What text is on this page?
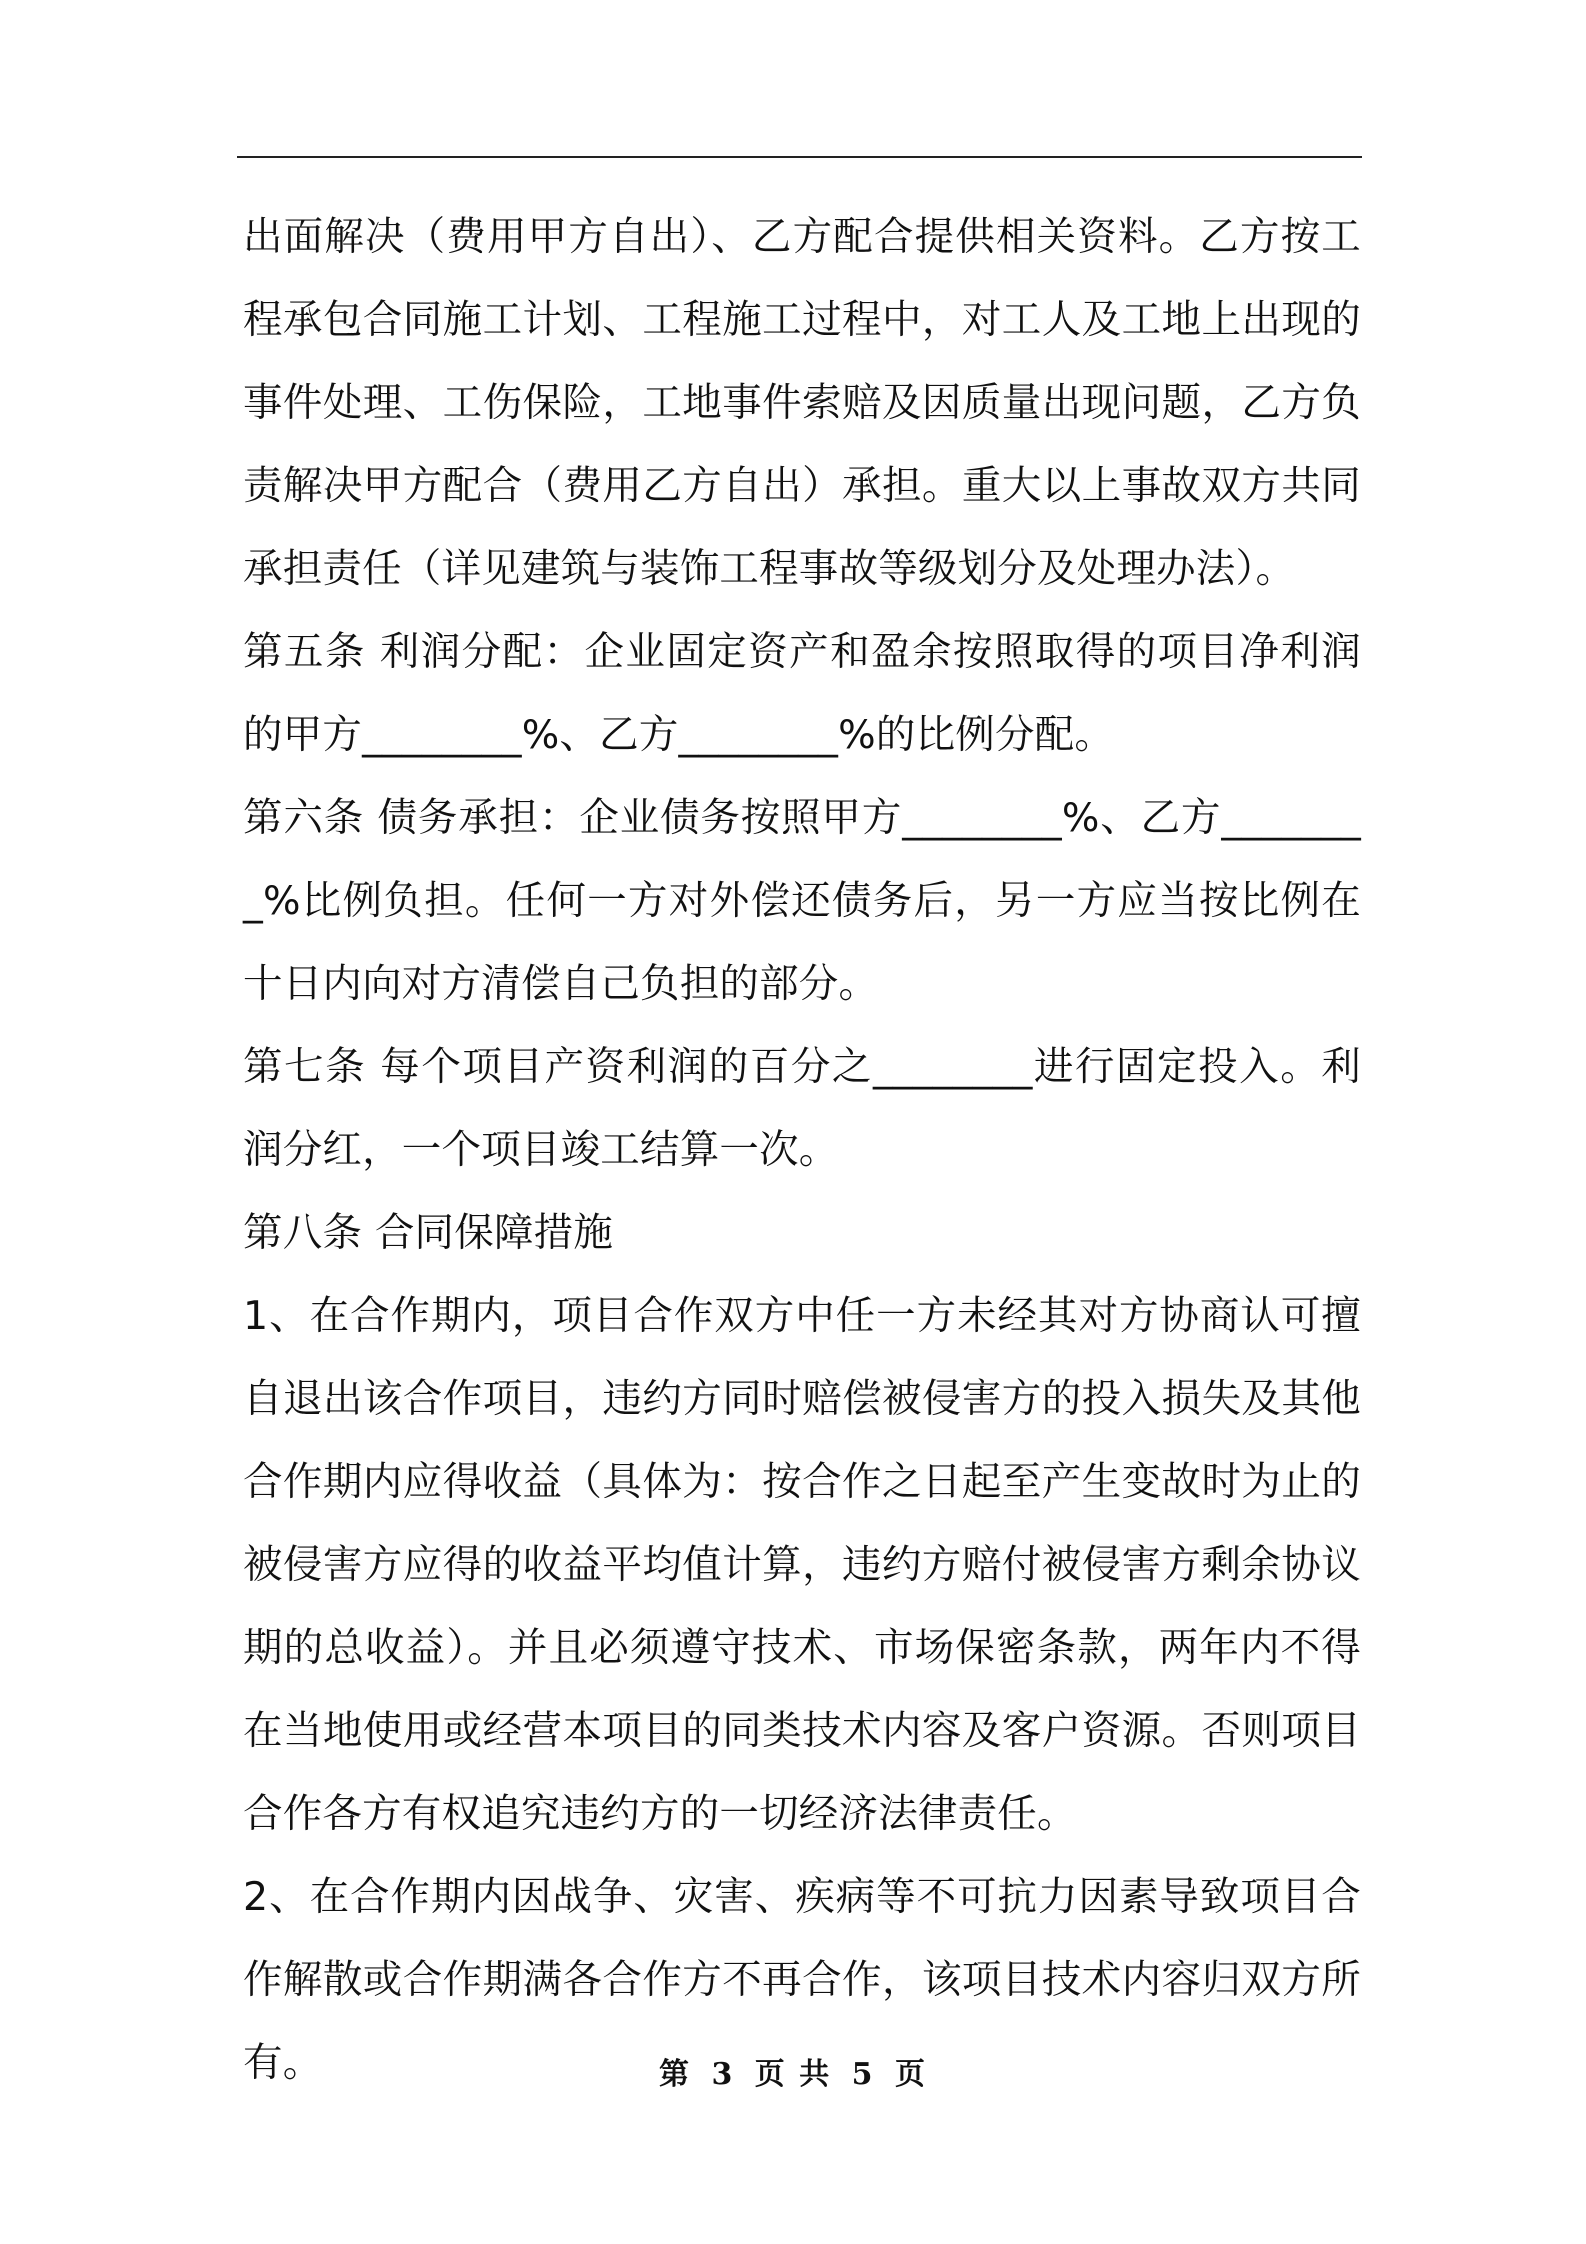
出面解决（费用甲方自出）、乙方配合提供相关资料。乙方按工程承包合同施工计划、工程施工过程中，对工人及工地上出现的事件处理、工伤保险，工地事件索赔及因质量出现问题，乙方负责解决甲方配合（费用乙方自出）承担。重大以上事故双方共同承担责任（详见建筑与装饰工程事故等级划分及处理办法）。

第五条 利润分配：企业固定资产和盈余按照取得的项目净利润的甲方________%、乙方________%的比例分配。

第六条 债务承担：企业债务按照甲方________%、乙方________%比例负担。任何一方对外偿还债务后，另一方应当按比例在十日内向对方清偿自己负担的部分。

第七条 每个项目产资利润的百分之________进行固定投入。利润分红，一个项目竣工结算一次。

第八条 合同保障措施

1、在合作期内，项目合作双方中任一方未经其对方协商认可擅自退出该合作项目，违约方同时赔偿被侵害方的投入损失及其他合作期内应得收益（具体为：按合作之日起至产生变故时为止的被侵害方应得的收益平均值计算，违约方赔付被侵害方剩余协议期的总收益）。并且必须遵守技术、市场保密条款，两年内不得在当地使用或经营本项目的同类技术内容及客户资源。否则项目合作各方有权追究违约方的一切经济法律责任。

2、在合作期内因战争、灾害、疾病等不可抗力因素导致项目合作解散或合作期满各合作方不再合作，该项目技术内容归双方所有。	第 3 页 共 5 页
